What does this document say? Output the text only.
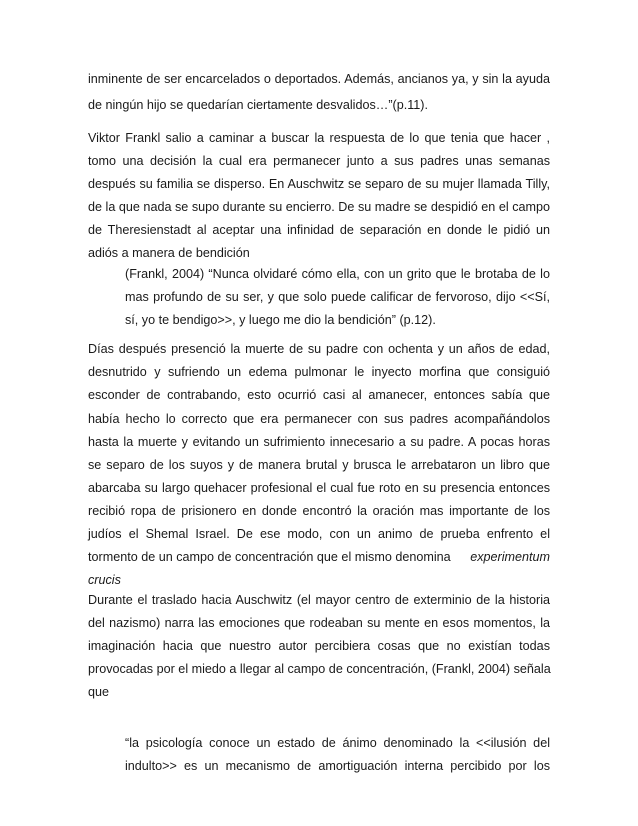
inminente de ser encarcelados o deportados. Además, ancianos ya, y sin la ayuda
de ningún hijo se quedarían ciertamente desvalidos…”(p.11).
Viktor Frankl salio a caminar a buscar la respuesta de lo que tenia que hacer ,
tomo una decisión la cual era permanecer junto a sus padres unas semanas
después su familia se disperso. En Auschwitz se separo de su mujer llamada Tilly,
de la que nada se supo durante su encierro. De su madre se despidió en el campo
de Theresienstadt al aceptar una infinidad de separación en donde le pidió un
adiós a manera de bendición
(Frankl, 2004) “Nunca olvidaré cómo ella, con un grito que le brotaba de lo
mas profundo de su ser, y que solo puede calificar de fervoroso, dijo <<Sí,
sí, yo te bendigo>>, y luego me dio la bendición” (p.12).
Días después presenció la muerte de su padre con ochenta y un años de edad,
desnutrido y sufriendo un edema pulmonar le inyecto morfina que consiguió
esconder de contrabando, esto ocurrió casi al amanecer, entonces sabía que
había hecho lo correcto que era permanecer con sus padres acompañándolos
hasta la muerte y evitando un sufrimiento innecesario a su padre. A pocas horas
se separo de los suyos y de manera brutal y brusca le arrebataron un libro que
abarcaba su largo quehacer profesional el cual fue roto en su presencia entonces
recibió ropa de prisionero en donde encontró la oración mas importante de los
judíos el Shemal Israel. De ese modo, con un animo de prueba enfrento el
tormento de un campo de concentración que el mismo denomina experimentum
crucis
Durante el traslado hacia Auschwitz (el mayor centro de exterminio de la historia
del nazismo) narra las emociones que rodeaban su mente en esos momentos, la
imaginación hacia que nuestro autor percibiera cosas que no existían todas
provocadas por el miedo a llegar al campo de concentración, (Frankl, 2004) señala
que
“la psicología conoce un estado de ánimo denominado la <<ilusión del
indulto>> es un mecanismo de amortiguación interna percibido por los
